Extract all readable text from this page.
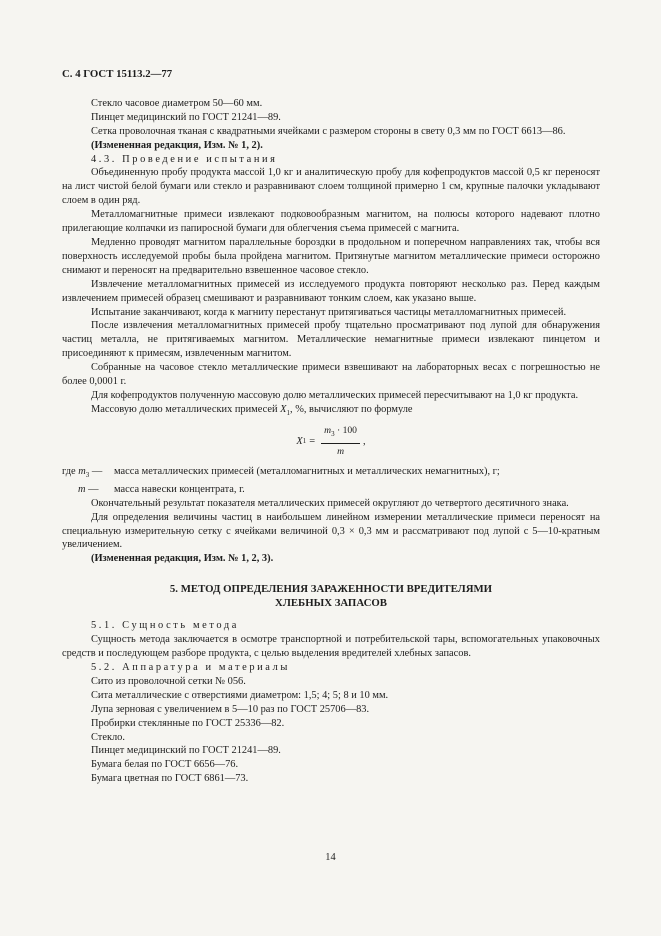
С. 4 ГОСТ 15113.2—77

Стекло часовое диаметром 50—60 мм.

Пинцет медицинский по ГОСТ 21241—89.

Сетка проволочная тканая с квадратными ячейками с размером стороны в свету 0,3 мм по ГОСТ 6613—86.

(Измененная редакция, Изм. № 1, 2).

4.3. Проведение испытания

Объединенную пробу продукта массой 1,0 кг и аналитическую пробу для кофепродуктов массой 0,5 кг переносят на лист чистой белой бумаги или стекло и разравнивают слоем толщиной примерно 1 см, крупные палочки укладывают слоем в один ряд.

Металломагнитные примеси извлекают подковообразным магнитом, на полюсы которого надевают плотно прилегающие колпачки из папиросной бумаги для облегчения съема примесей с магнита.

Медленно проводят магнитом параллельные бороздки в продольном и поперечном направлениях так, чтобы вся поверхность исследуемой пробы была пройдена магнитом. Притянутые магнитом металлические примеси осторожно снимают и переносят на предварительно взвешенное часовое стекло.

Извлечение металломагнитных примесей из исследуемого продукта повторяют несколько раз. Перед каждым извлечением примесей образец смешивают и разравнивают тонким слоем, как указано выше.

Испытание заканчивают, когда к магниту перестанут притягиваться частицы металломагнитных примесей.

После извлечения металломагнитных примесей пробу тщательно просматривают под лупой для обнаружения частиц металла, не притягиваемых магнитом. Металлические немагнитные примеси извлекают пинцетом и присоединяют к примесям, извлеченным магнитом.

Собранные на часовое стекло металлические примеси взвешивают на лабораторных весах с погрешностью не более 0,0001 г.

Для кофепродуктов полученную массовую долю металлических примесей пересчитывают на 1,0 кг продукта.

Массовую долю металлических примесей $X_1$, %, вычисляют по формуле

X $1 = \frac{m_3 \cdot 100}{m}$ ,
где $m_3$ —	масса металлических примесей (металломагнитных и металлических немагнитных), г;
m —	масса навески концентрата, г.

Окончательный результат показателя металлических примесей округляют до четвертого десятичного знака.

Для определения величины частиц в наибольшем линейном измерении металлические примеси переносят на специальную измерительную сетку с ячейками величиной 0,3 × 0,3 мм и рассматривают под лупой с 5—10-кратным увеличением.

(Измененная редакция, Изм. № 1, 2, 3).

5. МЕТОД ОПРЕДЕЛЕНИЯ ЗАРАЖЕННОСТИ ВРЕДИТЕЛЯМИ
ХЛЕБНЫХ ЗАПАСОВ

5.1. Сущность метода

Сущность метода заключается в осмотре транспортной и потребительской тары, вспомогательных упаковочных средств и последующем разборе продукта, с целью выделения вредителей хлебных запасов.

5.2. Аппаратура и материалы

Сито из проволочной сетки № 056.

Сита металлические с отверстиями диаметром: 1,5; 4; 5; 8 и 10 мм.

Лупа зерновая с увеличением в 5—10 раз по ГОСТ 25706—83.

Пробирки стеклянные по ГОСТ 25336—82.

Стекло.

Пинцет медицинский по ГОСТ 21241—89.

Бумага белая по ГОСТ 6656—76.

Бумага цветная по ГОСТ 6861—73.

14
